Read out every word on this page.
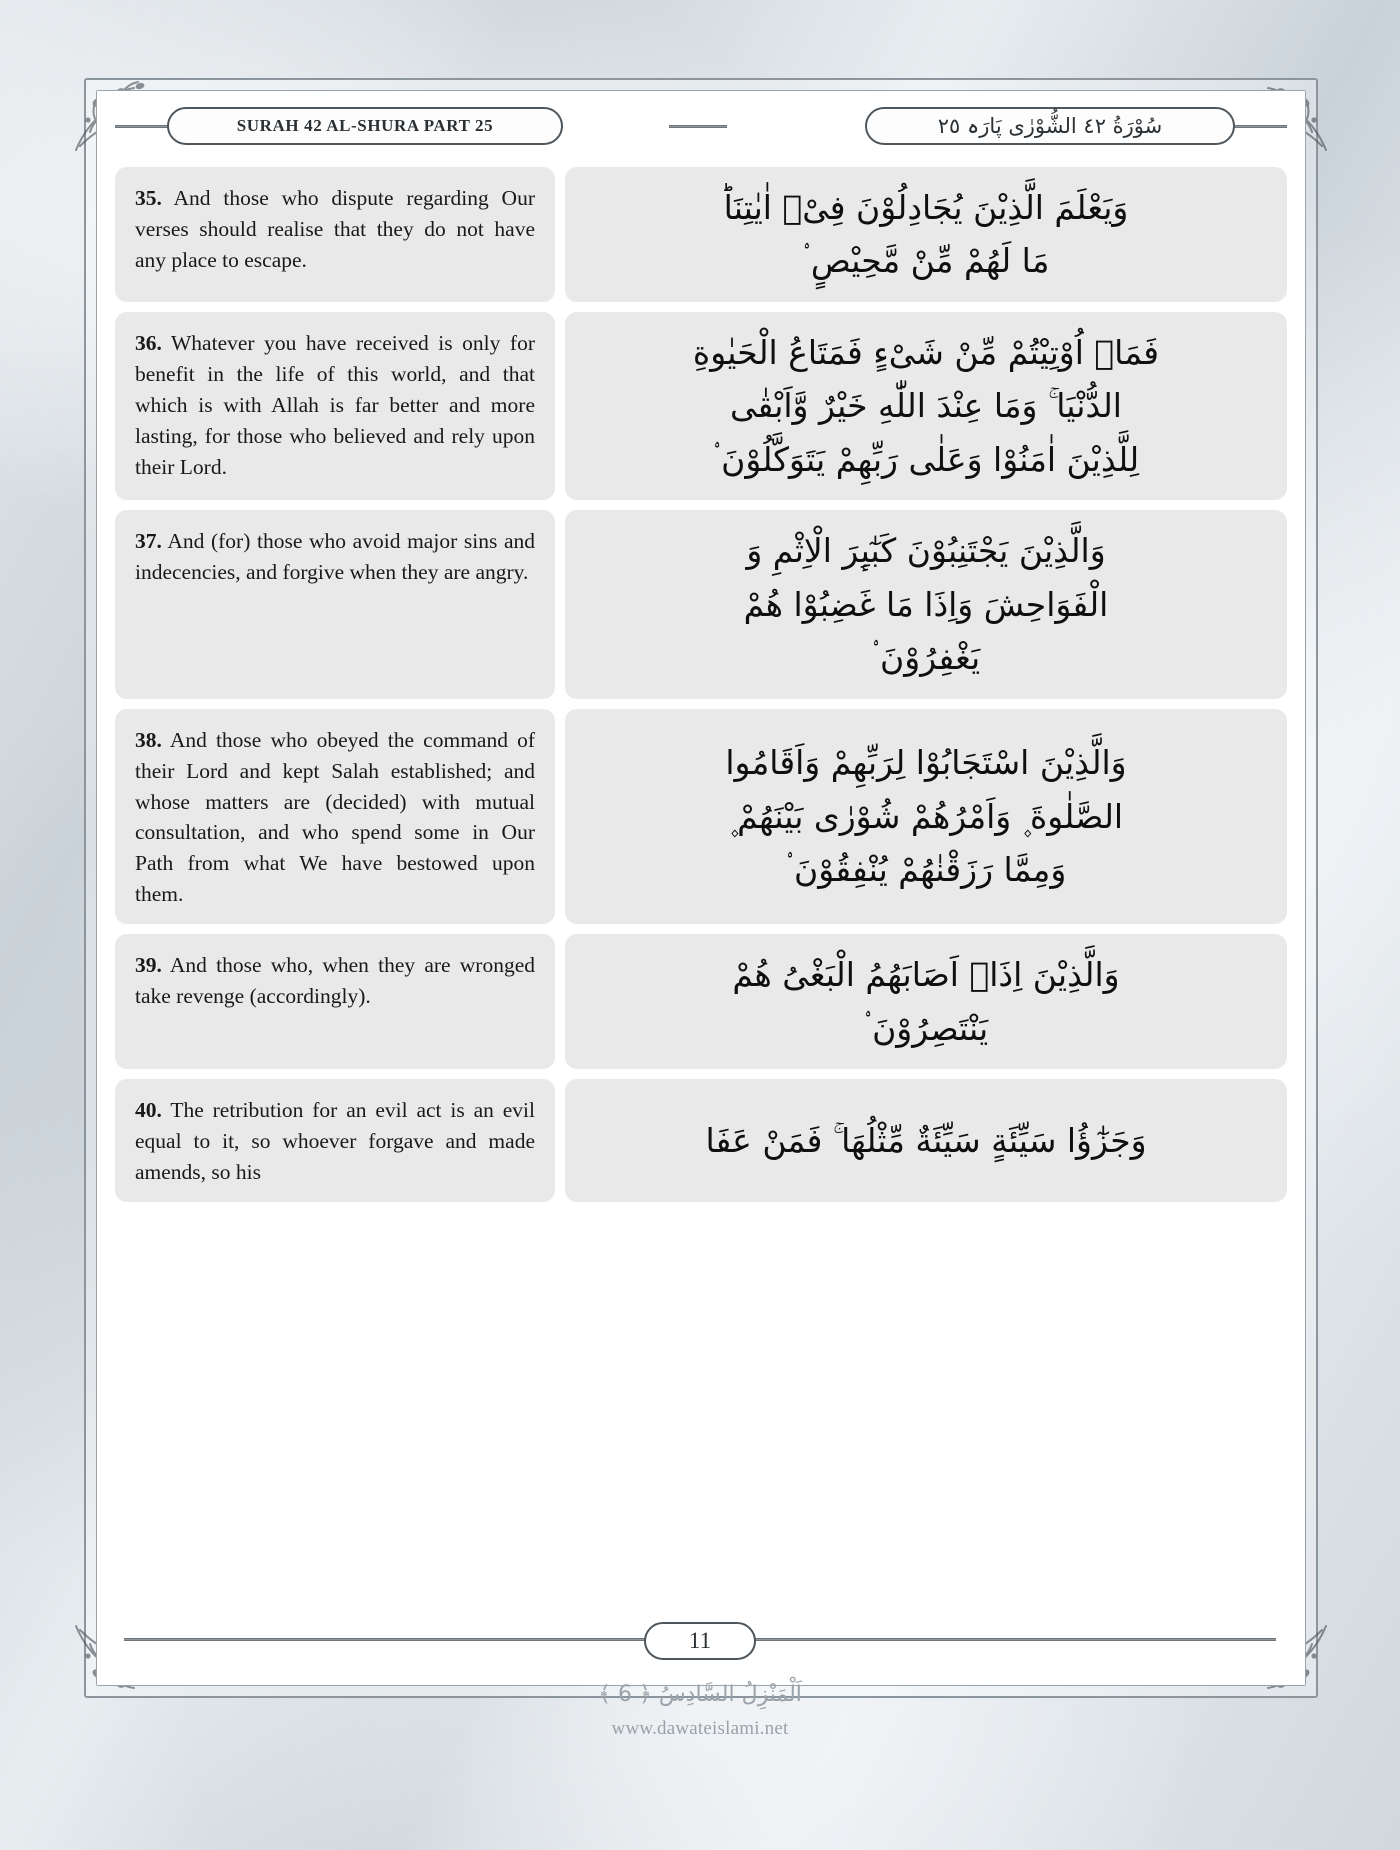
SURAH 42 AL-SHURA PART 25	سُوْرَةُ ٤٢ الشُّوْرٰى پَارَہ ٢٥
35. And those who dispute regarding Our verses should realise that they do not have any place to escape.
وَیَعْلَمَ الَّذِیْنَ یُجَادِلُوْنَ فِیْۤ اٰیٰتِنَاؕ
مَا لَهُمْ مِّنْ مَّحِیْصٍ ۟
36. Whatever you have received is only for benefit in the life of this world, and that which is with Allah is far better and more lasting, for those who believed and rely upon their Lord.
فَمَاۤ اُوْتِیْتُمْ مِّنْ شَیْءٍ فَمَتَاعُ الْحَیٰوةِ
الدُّنْیَا ۚ وَمَا عِنْدَ اللّٰهِ خَیْرٌ وَّاَبْقٰى
لِلَّذِیْنَ اٰمَنُوْا وَعَلٰى رَبِّهِمْ یَتَوَكَّلُوْنَ ۟
37. And (for) those who avoid major sins and indecencies, and forgive when they are angry.
وَالَّذِیْنَ یَجْتَنِبُوْنَ كَبٰٓىِٕرَ الْاِثْمِ وَ
الْفَوَاحِشَ وَاِذَا مَا غَضِبُوْا هُمْ
یَغْفِرُوْنَ ۟
38. And those who obeyed the command of their Lord and kept Salah established; and whose matters are (decided) with mutual consultation, and who spend some in Our Path from what We have bestowed upon them.
وَالَّذِیْنَ اسْتَجَابُوْا لِرَبِّهِمْ وَاَقَامُوا
الصَّلٰوةَ ۪ وَاَمْرُهُمْ شُوْرٰى بَیْنَهُمْ ۪
وَمِمَّا رَزَقْنٰهُمْ یُنْفِقُوْنَ ۟
39. And those who, when they are wronged take revenge (accordingly).
وَالَّذِیْنَ اِذَاۤ اَصَابَهُمُ الْبَغْیُ هُمْ
یَنْتَصِرُوْنَ ۟
40. The retribution for an evil act is an evil equal to it, so whoever forgave and made amends, so his
وَجَزٰٓؤُا سَیِّئَةٍ سَیِّئَةٌ مِّثْلُهَا ۚ فَمَنْ عَفَا
11
اَلْمَنْزِلُ السَّادِسُ ﴿ 6 ﴾
www.dawateislami.net
